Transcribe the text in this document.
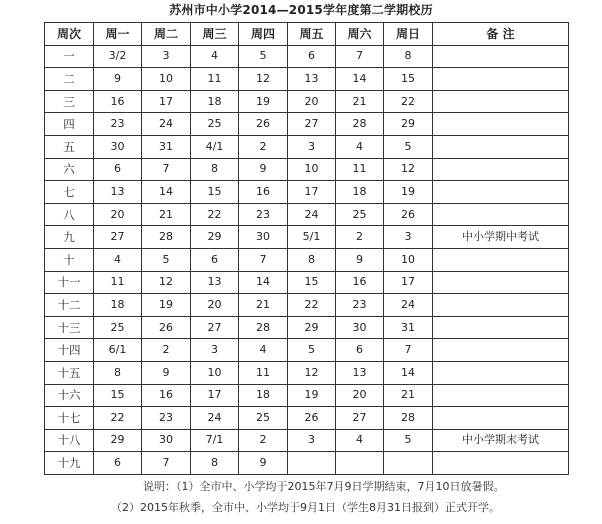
苏州市中小学2014—2015学年度第二学期校历
周次	周一	周二	周三	周四	周五	周六	周日	备 注
一	3/2	3	4	5	6	7	8	
二	9	10	11	12	13	14	15	
三	16	17	18	19	20	21	22	
四	23	24	25	26	27	28	29	
五	30	31	4/1	2	3	4	5	
六	6	7	8	9	10	11	12	
七	13	14	15	16	17	18	19	
八	20	21	22	23	24	25	26	
九	27	28	29	30	5/1	2	3	中小学期中考试
十	4	5	6	7	8	9	10	
十一	11	12	13	14	15	16	17	
十二	18	19	20	21	22	23	24	
十三	25	26	27	28	29	30	31	
十四	6/1	2	3	4	5	6	7	
十五	8	9	10	11	12	13	14	
十六	15	16	17	18	19	20	21	
十七	22	23	24	25	26	27	28	
十八	29	30	7/1	2	3	4	5	中小学期末考试
十九	6	7	8	9				
说明：（1）全市中、小学均于2015年7月9日学期结束，7月10日放暑假。
（2）2015年秋季，全市中、小学均于9月1日（学生8月31日报到）正式开学。
